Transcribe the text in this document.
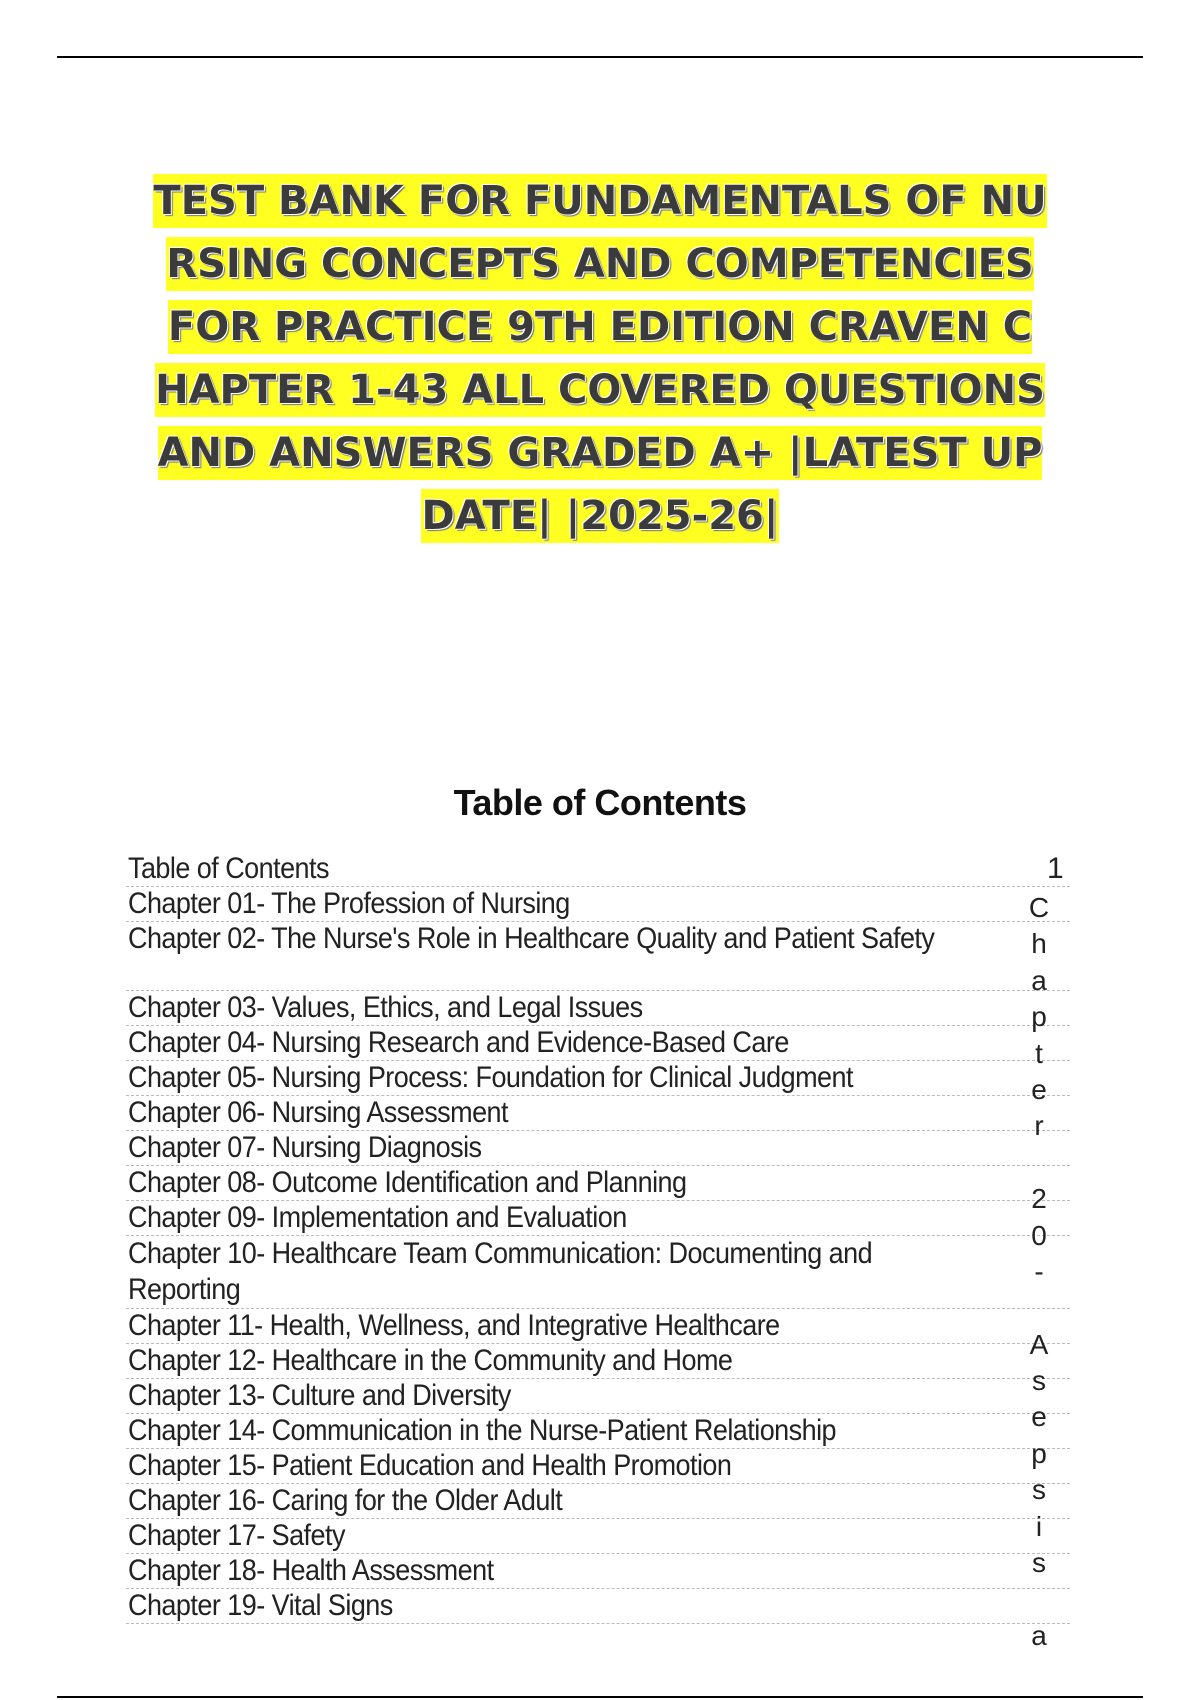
TEST BANK FOR FUNDAMENTALS OF NU
RSING CONCEPTS AND COMPETENCIES
FOR PRACTICE 9TH EDITION CRAVEN C
HAPTER 1-43 ALL COVERED QUESTIONS
AND ANSWERS GRADED A+ |LATEST UP
DATE| |2025-26|
Table of Contents
Table of Contents	1
Chapter 01- The Profession of Nursing
Chapter 02- The Nurse's Role in Healthcare Quality and Patient Safety
Chapter 03- Values, Ethics, and Legal Issues
Chapter 04- Nursing Research and Evidence-Based Care
Chapter 05- Nursing Process: Foundation for Clinical Judgment
Chapter 06- Nursing Assessment
Chapter 07- Nursing Diagnosis
Chapter 08- Outcome Identification and Planning
Chapter 09- Implementation and Evaluation
Chapter 10- Healthcare Team Communication: Documenting and Reporting
Chapter 11- Health, Wellness, and Integrative Healthcare
Chapter 12- Healthcare in the Community and Home
Chapter 13- Culture and Diversity
Chapter 14- Communication in the Nurse-Patient Relationship
Chapter 15- Patient Education and Health Promotion
Chapter 16- Caring for the Older Adult
Chapter 17- Safety
Chapter 18- Health Assessment
Chapter 19- Vital Signs
C
h
a
p
t
e
r
2
0
-
A
s
e
p
s
i
s
a
